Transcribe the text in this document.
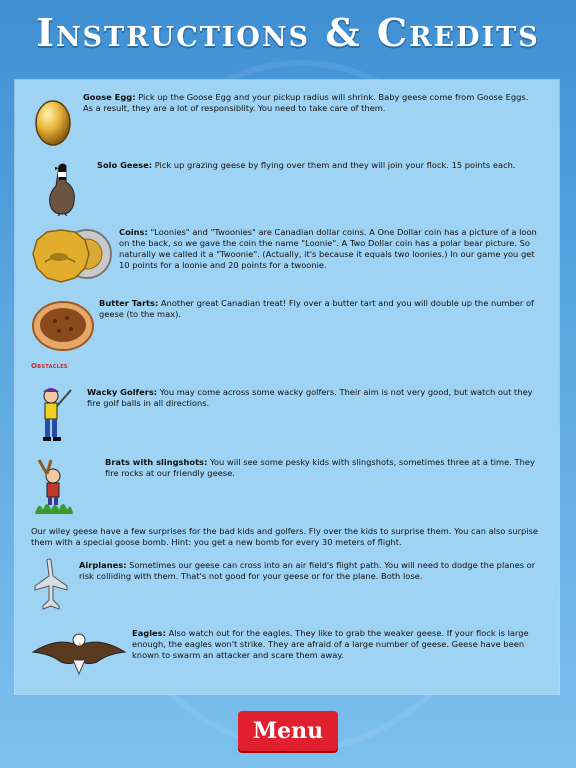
Instructions & Credits
Goose Egg: Pick up the Goose Egg and your pickup radius will shrink. Baby geese come from Goose Eggs. As a result, they are a lot of responsiblity. You need to take care of them.
Solo Geese: Pick up grazing geese by flying over them and they will join your flock. 15 points each.
Coins: "Loonies" and "Twoonies" are Canadian dollar coins. A One Dollar coin has a picture of a loon on the back, so we gave the coin the name "Loonie". A Two Dollar coin has a polar bear picture. So naturally we called it a "Twoonie". (Actually, it's because it equals two loonies.) In our game you get 10 points for a loonie and 20 points for a twoonie.
Butter Tarts: Another great Canadian treat! Fly over a butter tart and you will double up the number of geese (to the max).
Obstacles
Wacky Golfers: You may come across some wacky golfers. Their aim is not very good, but watch out they fire golf balls in all directions.
Brats with slingshots: You will see some pesky kids with slingshots, sometimes three at a time. They fire rocks at our friendly geese.
Our wiley geese have a few surprises for the bad kids and golfers. Fly over the kids to surprise them. You can also surpise them with a special goose bomb. Hint: you get a new bomb for every 30 meters of flight.
Airplanes: Sometimes our geese can cross into an air field's flight path. You will need to dodge the planes or risk colliding with them. That's not good for your geese or for the plane. Both lose.
Eagles: Also watch out for the eagles. They like to grab the weaker geese. If your flock is large enough, the eagles won't strike. They are afraid of a large number of geese. Geese have been known to swarm an attacker and scare them away.
Menu
